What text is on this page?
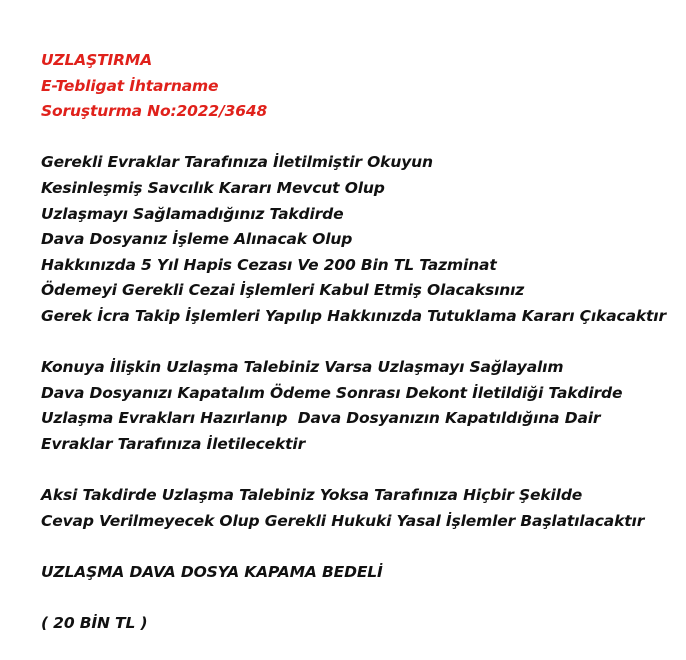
UZLAŞTIRMA
E-Tebligat İhtarname
Soruşturma No:2022/3648
Gerekli Evraklar Tarafınıza İletilmiştir Okuyun
Kesinleşmiş Savcılık Kararı Mevcut Olup
Uzlaşmayı Sağlamadığınız Takdirde
Dava Dosyanız İşleme Alınacak Olup
Hakkınızda 5 Yıl Hapis Cezası Ve 200 Bin TL Tazminat
Ödemeyi Gerekli Cezai İşlemleri Kabul Etmiş Olacaksınız
Gerek İcra Takip İşlemleri Yapılıp Hakkınızda Tutuklama Kararı Çıkacaktır
Konuya İlişkin Uzlaşma Talebiniz Varsa Uzlaşmayı Sağlayalım
Dava Dosyanızı Kapatalım Ödeme Sonrası Dekont İletildiği Takdirde
Uzlaşma Evrakları Hazırlanıp  Dava Dosyanızın Kapatıldığına Dair
Evraklar Tarafınıza İletilecektir
Aksi Takdirde Uzlaşma Talebiniz Yoksa Tarafınıza Hiçbir Şekilde
Cevap Verilmeyecek Olup Gerekli Hukuki Yasal İşlemler Başlatılacaktır
UZLAŞMA DAVA DOSYA KAPAMA BEDELİ
( 20 BİN TL )
